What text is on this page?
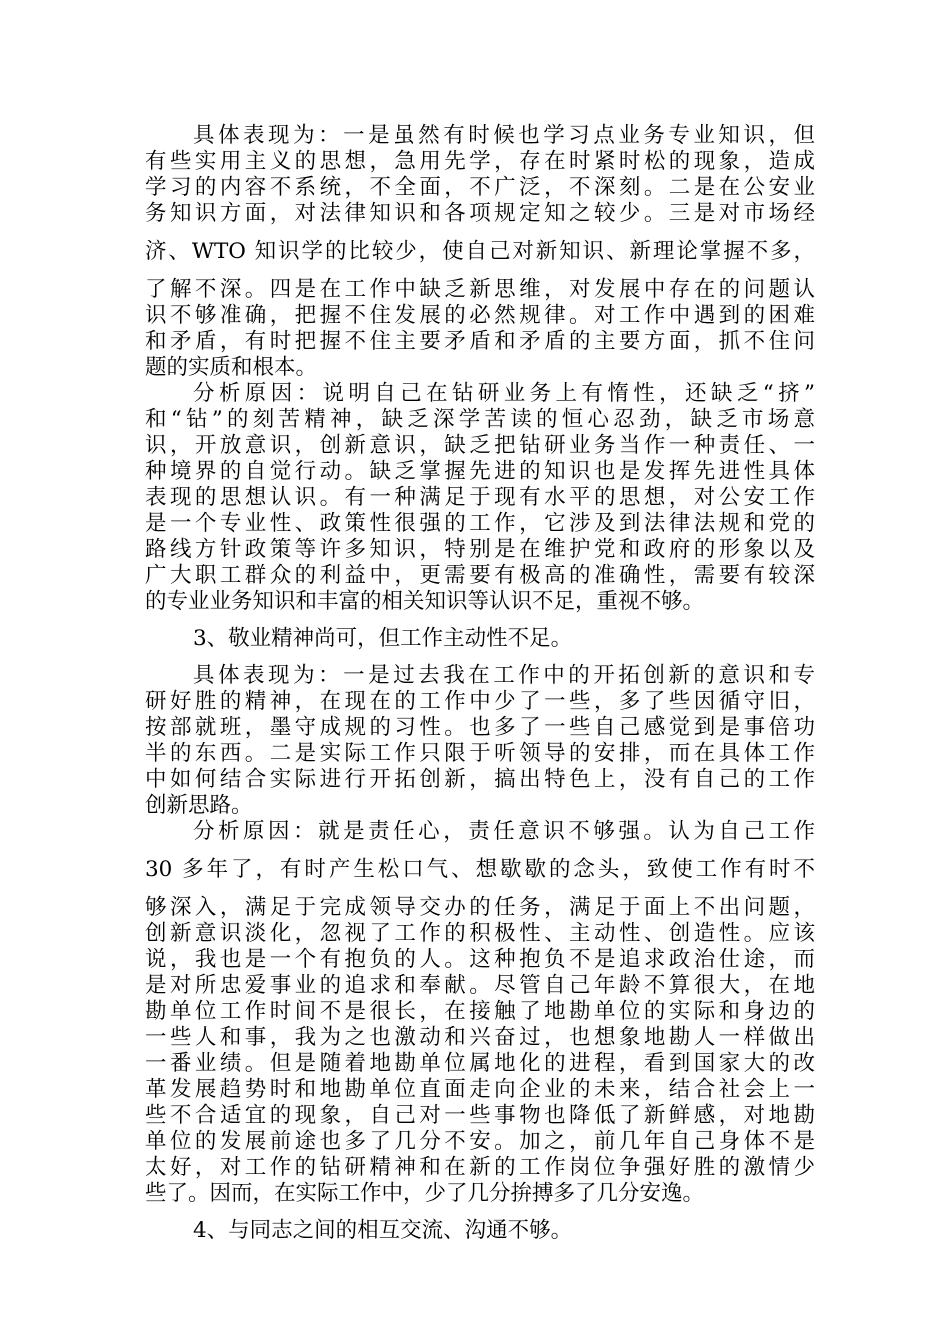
具体表现为：一是虽然有时候也学习点业务专业知识，但
有些实用主义的思想，急用先学，存在时紧时松的现象，造成
学习的内容不系统，不全面，不广泛，不深刻。二是在公安业
务知识方面，对法律知识和各项规定知之较少。三是对市场经
济、WTO 知识学的比较少，使自己对新知识、新理论掌握不多，
了解不深。四是在工作中缺乏新思维，对发展中存在的问题认
识不够准确，把握不住发展的必然规律。对工作中遇到的困难
和矛盾，有时把握不住主要矛盾和矛盾的主要方面，抓不住问
题的实质和根本。
分析原因：说明自己在钻研业务上有惰性，还缺乏“挤”
和“钻”的刻苦精神，缺乏深学苦读的恒心忍劲，缺乏市场意
识，开放意识，创新意识，缺乏把钻研业务当作一种责任、一
种境界的自觉行动。缺乏掌握先进的知识也是发挥先进性具体
表现的思想认识。有一种满足于现有水平的思想，对公安工作
是一个专业性、政策性很强的工作，它涉及到法律法规和党的
路线方针政策等许多知识，特别是在维护党和政府的形象以及
广大职工群众的利益中，更需要有极高的准确性，需要有较深
的专业业务知识和丰富的相关知识等认识不足，重视不够。
3、敬业精神尚可，但工作主动性不足。
具体表现为：一是过去我在工作中的开拓创新的意识和专
研好胜的精神，在现在的工作中少了一些，多了些因循守旧，
按部就班，墨守成规的习性。也多了一些自己感觉到是事倍功
半的东西。二是实际工作只限于听领导的安排，而在具体工作
中如何结合实际进行开拓创新，搞出特色上，没有自己的工作
创新思路。
分析原因：就是责任心，责任意识不够强。认为自己工作
30 多年了，有时产生松口气、想歇歇的念头，致使工作有时不
够深入，满足于完成领导交办的任务，满足于面上不出问题，
创新意识淡化，忽视了工作的积极性、主动性、创造性。应该
说，我也是一个有抱负的人。这种抱负不是追求政治仕途，而
是对所忠爱事业的追求和奉献。尽管自己年龄不算很大，在地
勘单位工作时间不是很长，在接触了地勘单位的实际和身边的
一些人和事，我为之也激动和兴奋过，也想象地勘人一样做出
一番业绩。但是随着地勘单位属地化的进程，看到国家大的改
革发展趋势时和地勘单位直面走向企业的未来，结合社会上一
些不合适宜的现象，自己对一些事物也降低了新鲜感，对地勘
单位的发展前途也多了几分不安。加之，前几年自己身体不是
太好，对工作的钻研精神和在新的工作岗位争强好胜的激情少
些了。因而，在实际工作中，少了几分拚搏多了几分安逸。
4、与同志之间的相互交流、沟通不够。
